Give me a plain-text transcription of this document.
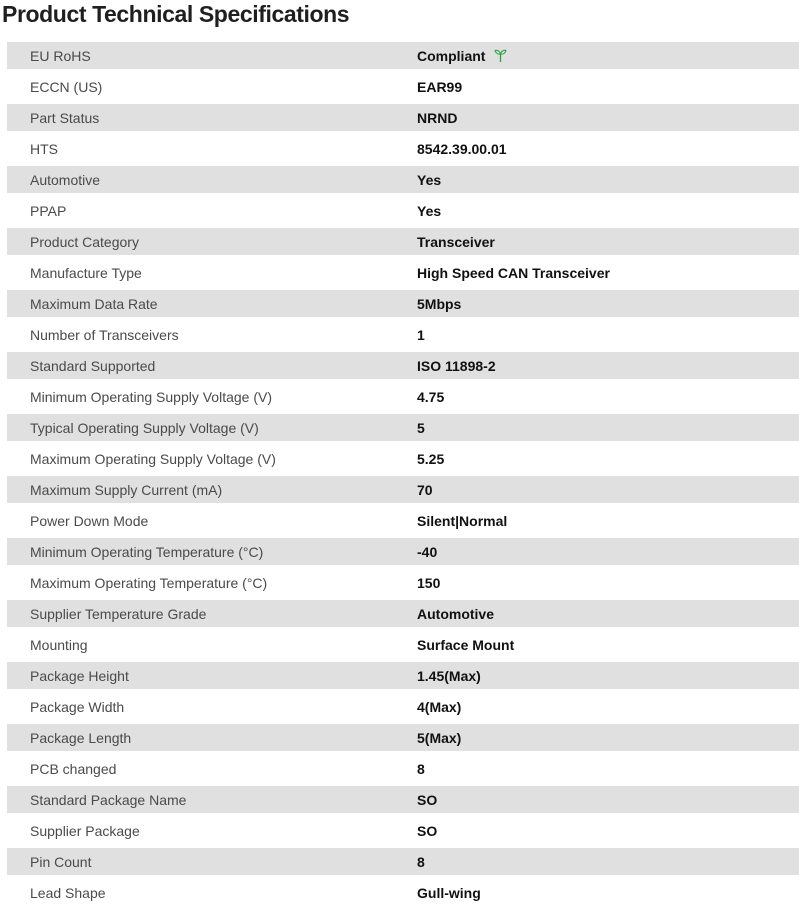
Product Technical Specifications
EU RoHS	Compliant
ECCN (US)	EAR99
Part Status	NRND
HTS	8542.39.00.01
Automotive	Yes
PPAP	Yes
Product Category	Transceiver
Manufacture Type	High Speed CAN Transceiver
Maximum Data Rate	5Mbps
Number of Transceivers	1
Standard Supported	ISO 11898-2
Minimum Operating Supply Voltage (V)	4.75
Typical Operating Supply Voltage (V)	5
Maximum Operating Supply Voltage (V)	5.25
Maximum Supply Current (mA)	70
Power Down Mode	Silent|Normal
Minimum Operating Temperature (°C)	-40
Maximum Operating Temperature (°C)	150
Supplier Temperature Grade	Automotive
Mounting	Surface Mount
Package Height	1.45(Max)
Package Width	4(Max)
Package Length	5(Max)
PCB changed	8
Standard Package Name	SO
Supplier Package	SO
Pin Count	8
Lead Shape	Gull-wing
